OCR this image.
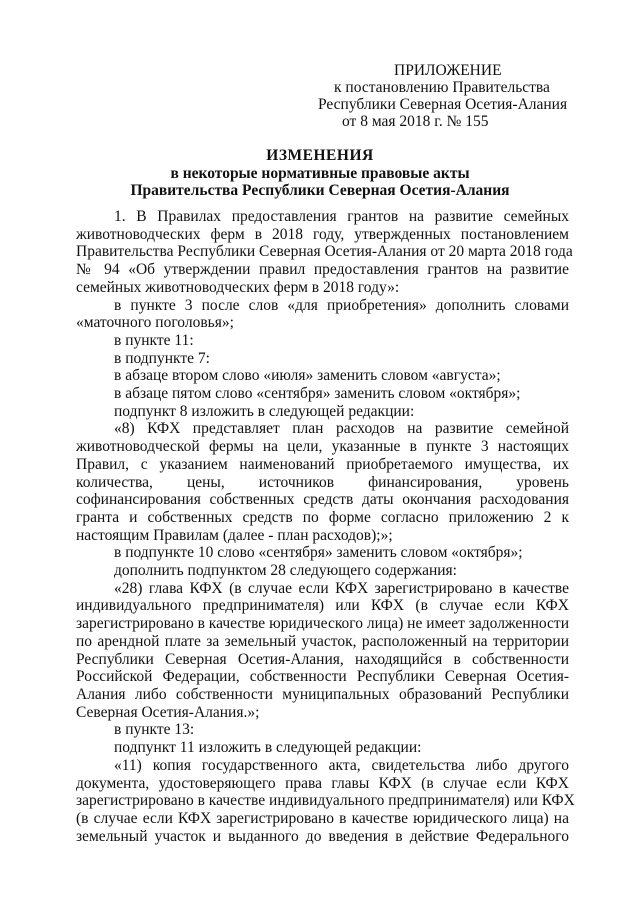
ПРИЛОЖЕНИЕ
к постановлению Правительства
Республики Северная Осетия-Алания
от 8 мая 2018 г. № 155
ИЗМЕНЕНИЯ
в некоторые нормативные правовые акты
Правительства Республики Северная Осетия-Алания
1. В Правилах предоставления грантов на развитие семейных
животноводческих ферм в 2018 году, утвержденных постановлением
Правительства Республики Северная Осетия-Алания от 20 марта 2018 года
№ 94 «Об утверждении правил предоставления грантов на развитие
семейных животноводческих ферм в 2018 году»:
в пункте 3 после слов «для приобретения» дополнить словами
«маточного поголовья»;
в пункте 11:
в подпункте 7:
в абзаце втором слово «июля» заменить словом «августа»;
в абзаце пятом слово «сентября» заменить словом «октября»;
подпункт 8 изложить в следующей редакции:
«8) КФХ представляет план расходов на развитие семейной
животноводческой фермы на цели, указанные в пункте 3 настоящих
Правил, с указанием наименований приобретаемого имущества, их
количества, цены, источников финансирования, уровень
софинансирования собственных средств даты окончания расходования
гранта и собственных средств по форме согласно приложению 2 к
настоящим Правилам (далее - план расходов);»;
в подпункте 10 слово «сентября» заменить словом «октября»;
дополнить подпунктом 28 следующего содержания:
«28) глава КФХ (в случае если КФХ зарегистрировано в качестве
индивидуального предпринимателя) или КФХ (в случае если КФХ
зарегистрировано в качестве юридического лица) не имеет задолженности
по арендной плате за земельный участок, расположенный на территории
Республики Северная Осетия-Алания, находящийся в собственности
Российской Федерации, собственности Республики Северная Осетия-
Алания либо собственности муниципальных образований Республики
Северная Осетия-Алания.»;
в пункте 13:
подпункт 11 изложить в следующей редакции:
«11) копия государственного акта, свидетельства либо другого
документа, удостоверяющего права главы КФХ (в случае если КФХ
зарегистрировано в качестве индивидуального предпринимателя) или КФХ
(в случае если КФХ зарегистрировано в качестве юридического лица) на
земельный участок и выданного до введения в действие Федерального
